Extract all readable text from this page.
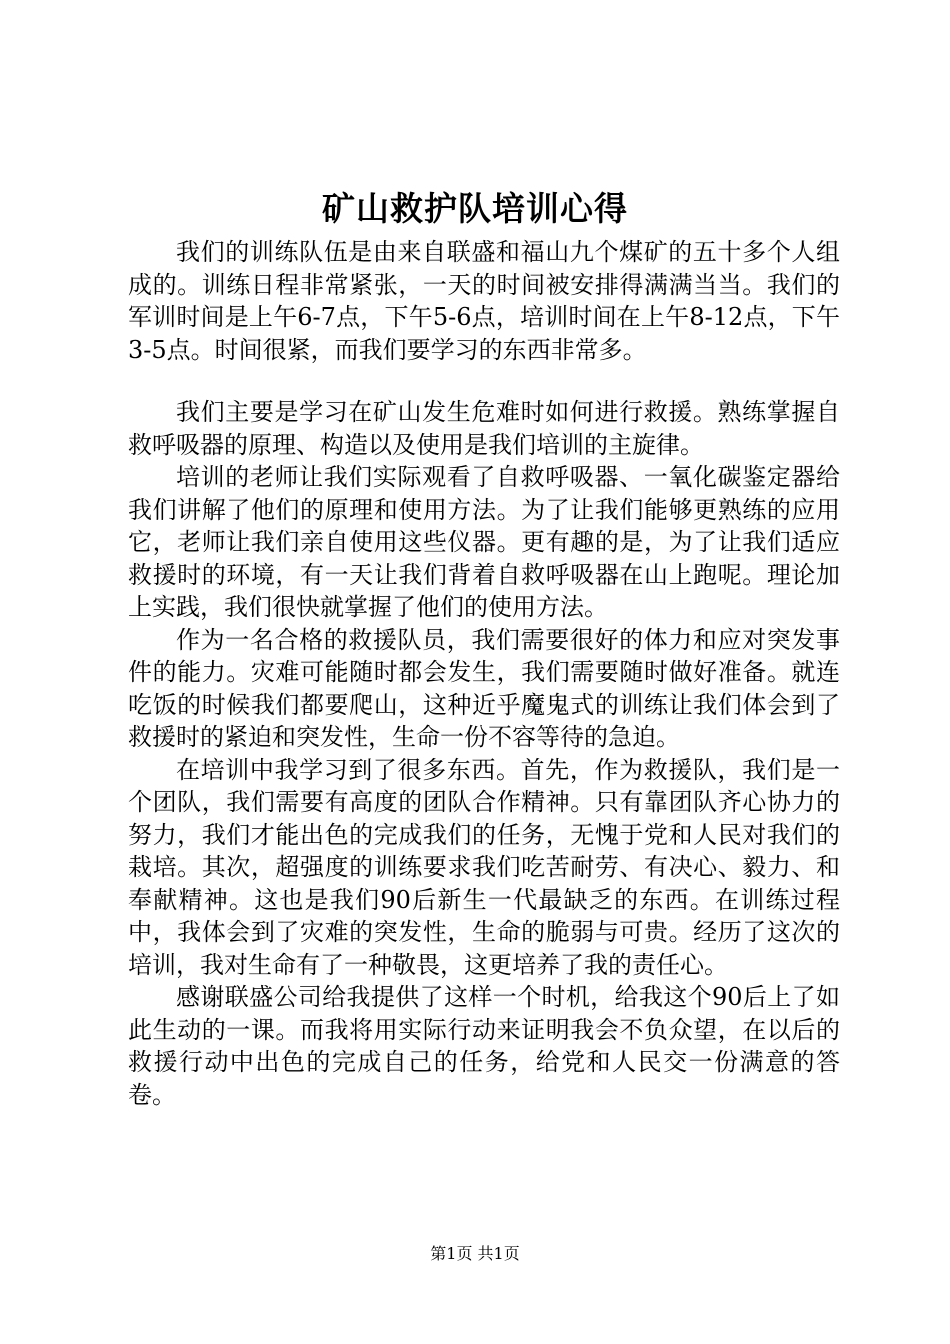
矿山救护队培训心得

我们的训练队伍是由来自联盛和福山九个煤矿的五十多个人组成的。训练日程非常紧张，一天的时间被安排得满满当当。我们的军训时间是上午6-7点，下午5-6点，培训时间在上午8-12点，下午3-5点。时间很紧，而我们要学习的东西非常多。

我们主要是学习在矿山发生危难时如何进行救援。熟练掌握自救呼吸器的原理、构造以及使用是我们培训的主旋律。

培训的老师让我们实际观看了自救呼吸器、一氧化碳鉴定器给我们讲解了他们的原理和使用方法。为了让我们能够更熟练的应用它，老师让我们亲自使用这些仪器。更有趣的是，为了让我们适应救援时的环境，有一天让我们背着自救呼吸器在山上跑呢。理论加上实践，我们很快就掌握了他们的使用方法。

作为一名合格的救援队员，我们需要很好的体力和应对突发事件的能力。灾难可能随时都会发生，我们需要随时做好准备。就连吃饭的时候我们都要爬山，这种近乎魔鬼式的训练让我们体会到了救援时的紧迫和突发性，生命一份不容等待的急迫。

在培训中我学习到了很多东西。首先，作为救援队，我们是一个团队，我们需要有高度的团队合作精神。只有靠团队齐心协力的努力，我们才能出色的完成我们的任务，无愧于党和人民对我们的栽培。其次，超强度的训练要求我们吃苦耐劳、有决心、毅力、和奉献精神。这也是我们90后新生一代最缺乏的东西。在训练过程中，我体会到了灾难的突发性，生命的脆弱与可贵。经历了这次的培训，我对生命有了一种敬畏，这更培养了我的责任心。

感谢联盛公司给我提供了这样一个时机，给我这个90后上了如此生动的一课。而我将用实际行动来证明我会不负众望，在以后的救援行动中出色的完成自己的任务，给党和人民交一份满意的答卷。

第1页 共1页
